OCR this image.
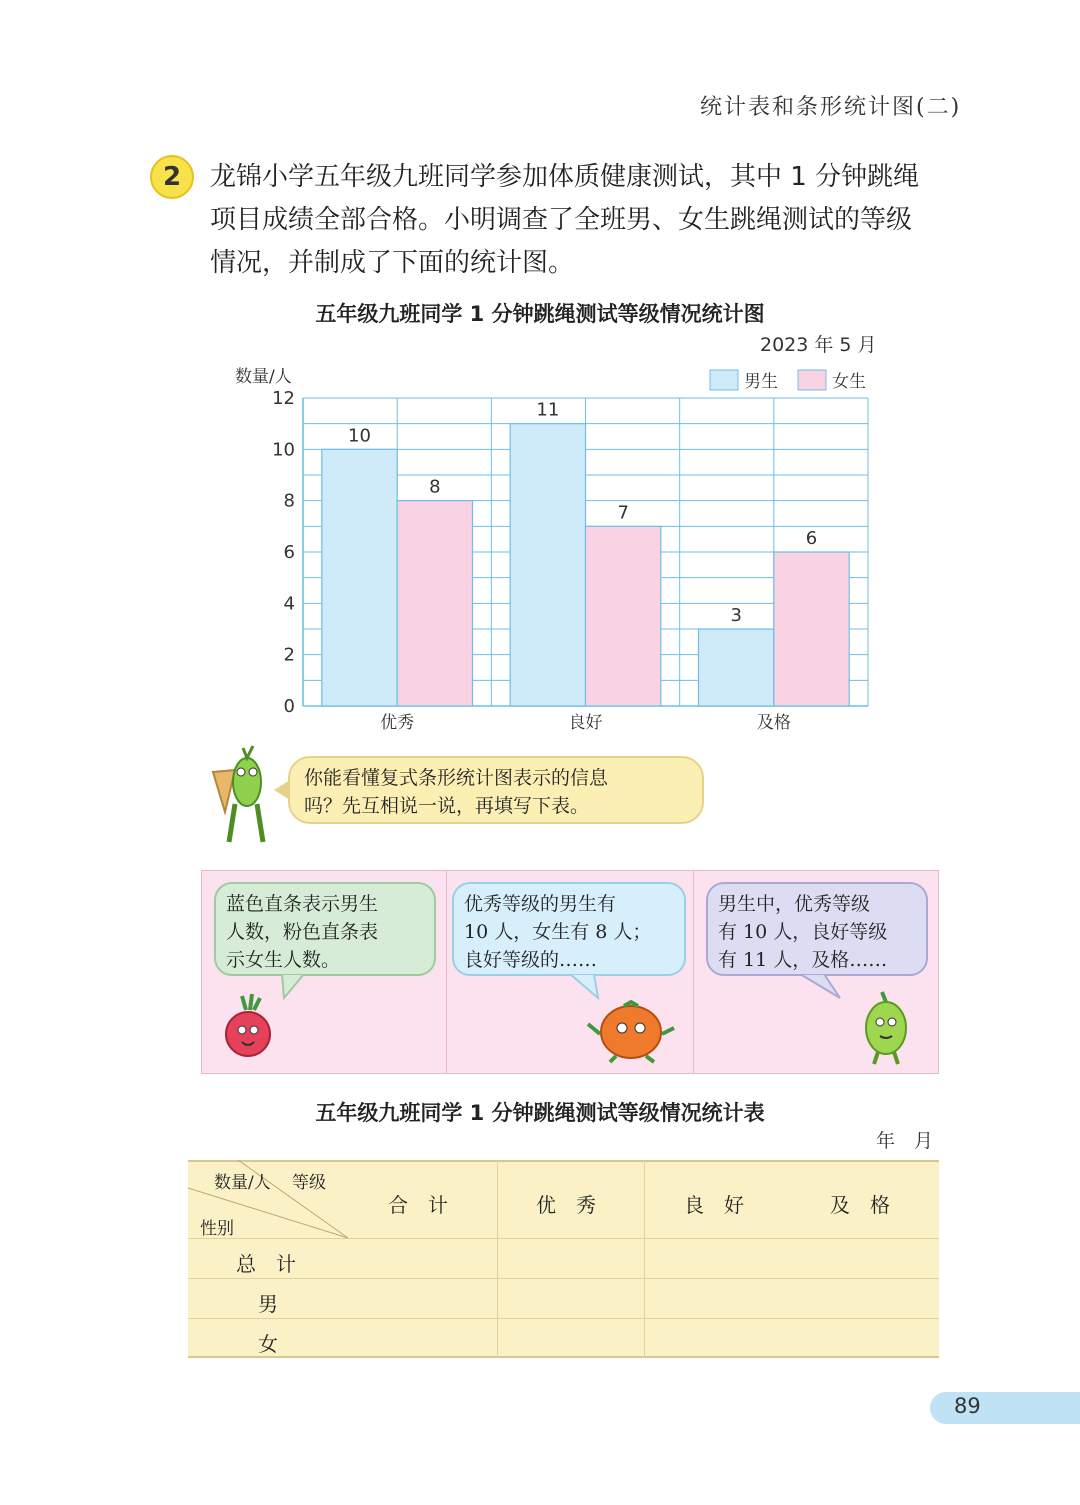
统计表和条形统计图(二)
2 龙锦小学五年级九班同学参加体质健康测试，其中 1 分钟跳绳
项目成绩全部合格。小明调查了全班男、女生跳绳测试的等级
情况，并制成了下面的统计图。
五年级九班同学 1 分钟跳绳测试等级情况统计图
2023 年 5 月
数量/人	男生	女生
10
8
11
7
3
6
0
2
4
6
8
10
12
优秀	良好	及格
你能看懂复式条形统计图表示的信息
吗？先互相说一说，再填写下表。
蓝色直条表示男生
人数，粉色直条表
示女生人数。
优秀等级的男生有
10 人，女生有 8 人；
良好等级的……
男生中，优秀等级
有 10 人，良好等级
有 11 人，及格……
五年级九班同学 1 分钟跳绳测试等级情况统计表
年　月
等级
数量/人
性别
合　计	优　秀	良　好	及　格
总　计
男
女
89
